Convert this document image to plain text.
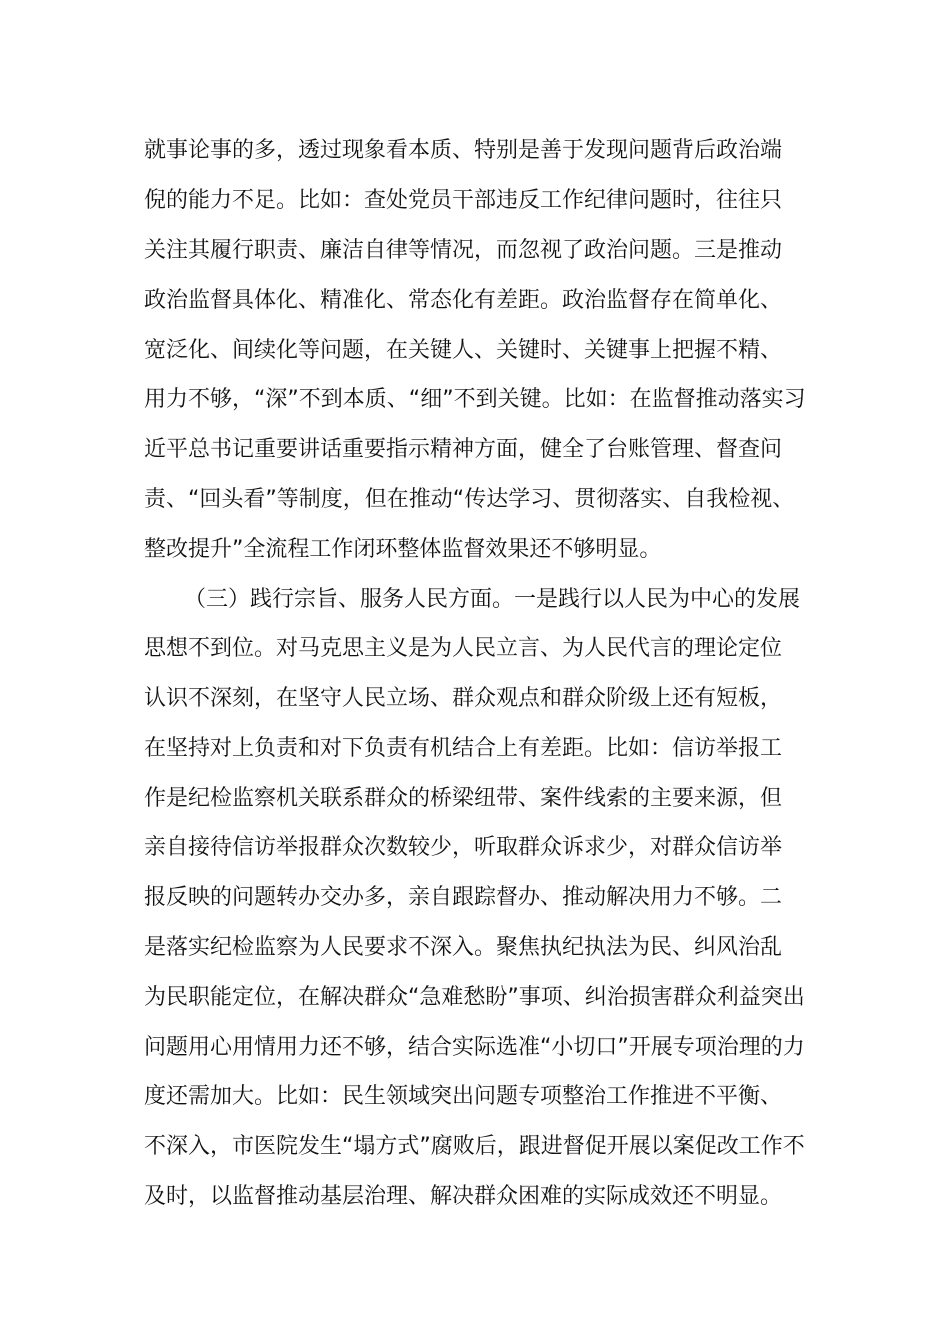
就事论事的多，透过现象看本质、特别是善于发现问题背后政治端
倪的能力不足。比如：查处党员干部违反工作纪律问题时，往往只
关注其履行职责、廉洁自律等情况，而忽视了政治问题。三是推动
政治监督具体化、精准化、常态化有差距。政治监督存在简单化、
宽泛化、间续化等问题，在关键人、关键时、关键事上把握不精、
用力不够，“深”不到本质、“细”不到关键。比如：在监督推动落实习
近平总书记重要讲话重要指示精神方面，健全了台账管理、督查问
责、“回头看”等制度，但在推动“传达学习、贯彻落实、自我检视、
整改提升”全流程工作闭环整体监督效果还不够明显。
（三）践行宗旨、服务人民方面。一是践行以人民为中心的发展
思想不到位。对马克思主义是为人民立言、为人民代言的理论定位
认识不深刻，在坚守人民立场、群众观点和群众阶级上还有短板，
在坚持对上负责和对下负责有机结合上有差距。比如：信访举报工
作是纪检监察机关联系群众的桥梁纽带、案件线索的主要来源，但
亲自接待信访举报群众次数较少，听取群众诉求少，对群众信访举
报反映的问题转办交办多，亲自跟踪督办、推动解决用力不够。二
是落实纪检监察为人民要求不深入。聚焦执纪执法为民、纠风治乱
为民职能定位，在解决群众“急难愁盼”事项、纠治损害群众利益突出
问题用心用情用力还不够，结合实际选准“小切口”开展专项治理的力
度还需加大。比如：民生领域突出问题专项整治工作推进不平衡、
不深入，市医院发生“塌方式”腐败后，跟进督促开展以案促改工作不
及时，以监督推动基层治理、解决群众困难的实际成效还不明显。
